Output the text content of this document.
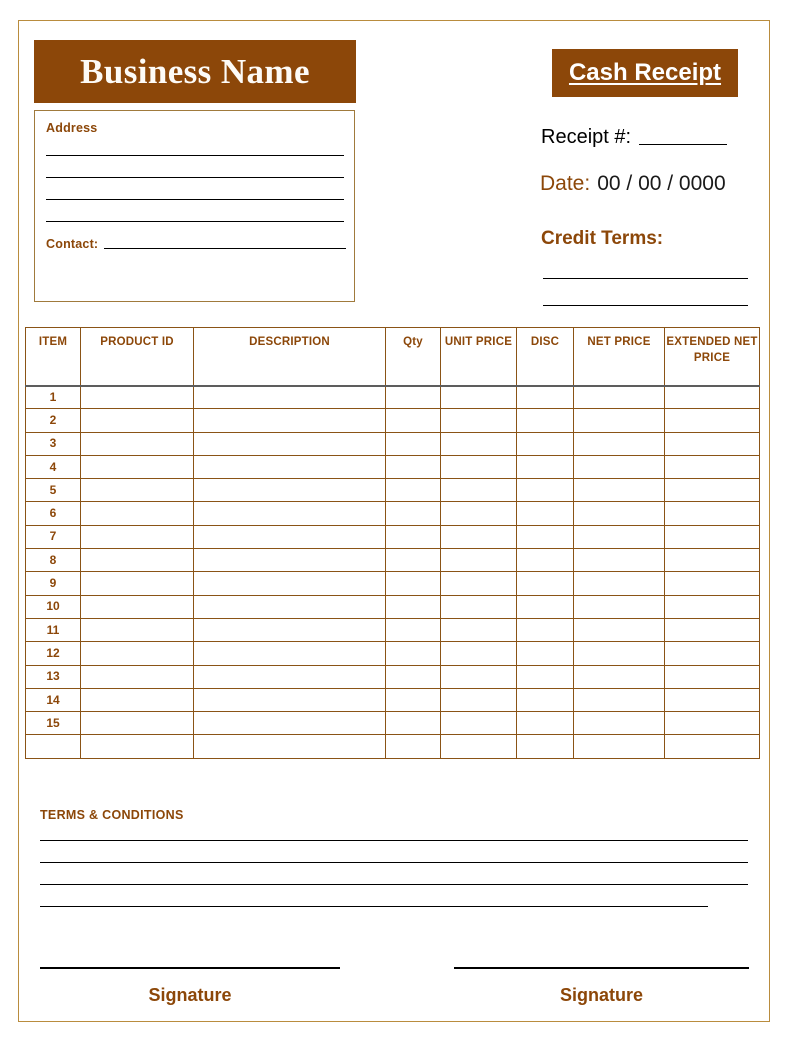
Business Name	Cash Receipt
Address
Contact:
Receipt #:
Date: 00 / 00 / 0000
Credit Terms:
ITEM	PRODUCT ID	DESCRIPTION	Qty	UNIT PRICE	DISC	NET PRICE	EXTENDED NET PRICE
1							
2							
3							
4							
5							
6							
7							
8							
9							
10							
11							
12							
13							
14							
15							

TERMS & CONDITIONS
Signature	Signature
